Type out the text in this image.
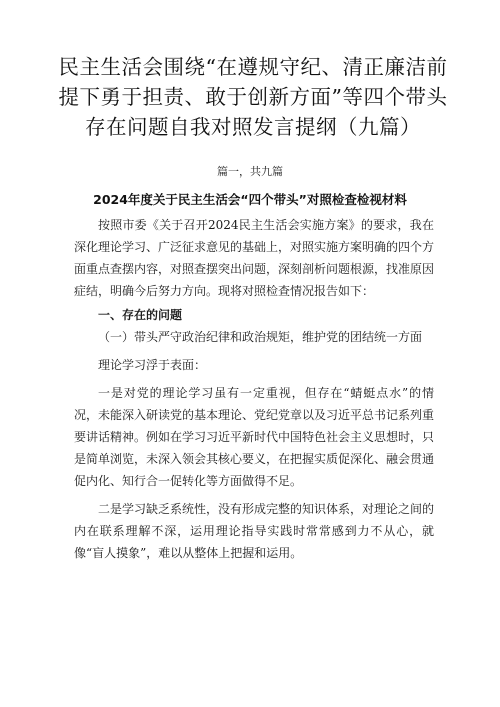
民主生活会围绕“在遵规守纪、清正廉洁前提下勇于担责、敢于创新方面”等四个带头存在问题自我对照发言提纲（九篇）
篇一，共九篇
2024年度关于民主生活会“四个带头”对照检查检视材料

按照市委《关于召开2024民主生活会实施方案》的要求，我在深化理论学习、广泛征求意见的基础上，对照实施方案明确的四个方面重点查摆内容，对照查摆突出问题，深刻剖析问题根源，找准原因症结，明确今后努力方向。现将对照检查情况报告如下：

一、存在的问题

（一）带头严守政治纪律和政治规矩，维护党的团结统一方面

理论学习浮于表面：

一是对党的理论学习虽有一定重视，但存在“蜻蜓点水”的情况，未能深入研读党的基本理论、党纪党章以及习近平总书记系列重要讲话精神。例如在学习习近平新时代中国特色社会主义思想时，只是简单浏览，未深入领会其核心要义，在把握实质促深化、融会贯通促内化、知行合一促转化等方面做得不足。

二是学习缺乏系统性，没有形成完整的知识体系，对理论之间的内在联系理解不深，运用理论指导实践时常常感到力不从心，就像“盲人摸象”，难以从整体上把握和运用。
